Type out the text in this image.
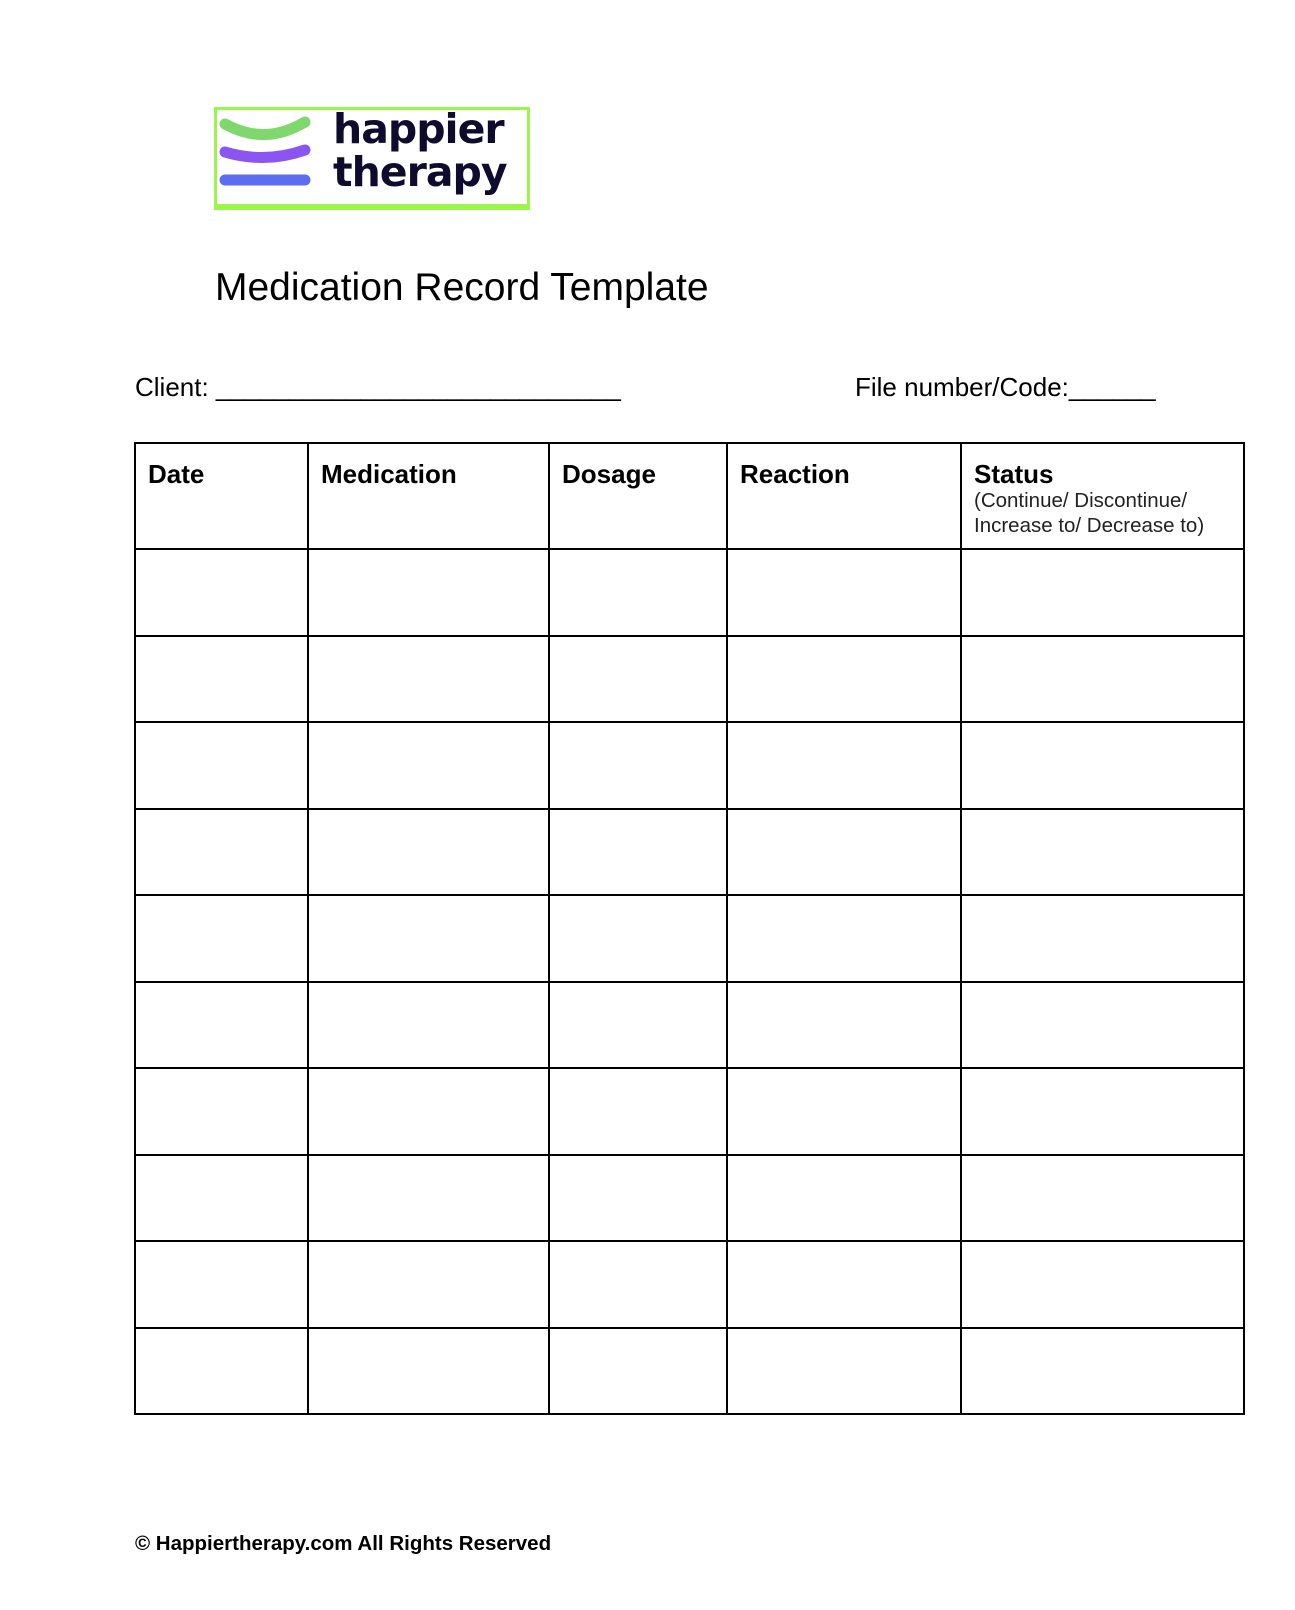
happier
therapy
Medication Record Template
Client: ____________________________	File number/Code:______
Date	Medication	Dosage	Reaction	Status
(Continue/ Discontinue/
Increase to/ Decrease to)

© Happiertherapy.com All Rights Reserved
